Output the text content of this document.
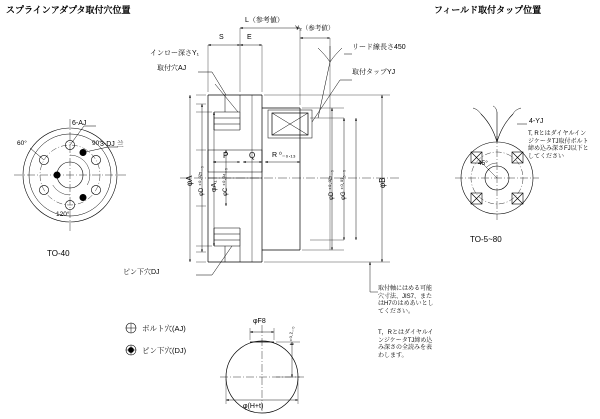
スプラインアダプタ取付穴位置	フィールド取付タップ位置
6-AJ
3-DJ 兰
60°	90°
120°
TO-40
4-YJ
45°
T, RとはダイヤルインジケータTJ取付ボルト締め込み深さFJ以下としてください
TO-5~80
L（参考値）
S	E
Y₂（参考値）
インロー深さY₁
取付穴AJ
リード線長さ450
取付タップYJ
ピン下穴DJ
P	Q R ⁰₋₀.₁₃
φA φD ⁺⁰·⁰²⁵₋₀ φA₁ φC ⁺⁰·⁰⁴₋₀	φD ⁺⁰·⁰²⁵₋₀ φG ⁺⁰·⁰³₅₋₀	φB
φF8
t ⁺⁰·²₋₀
φ(H+t)
取付軸にはめる可能穴寸法、JIS7、またはH7のはめあいとしてください。
T，RとはダイヤルインジケータTJ締め込み深さの全読みを表わします。
ボルト穴(AJ)
ピン下穴(DJ)
